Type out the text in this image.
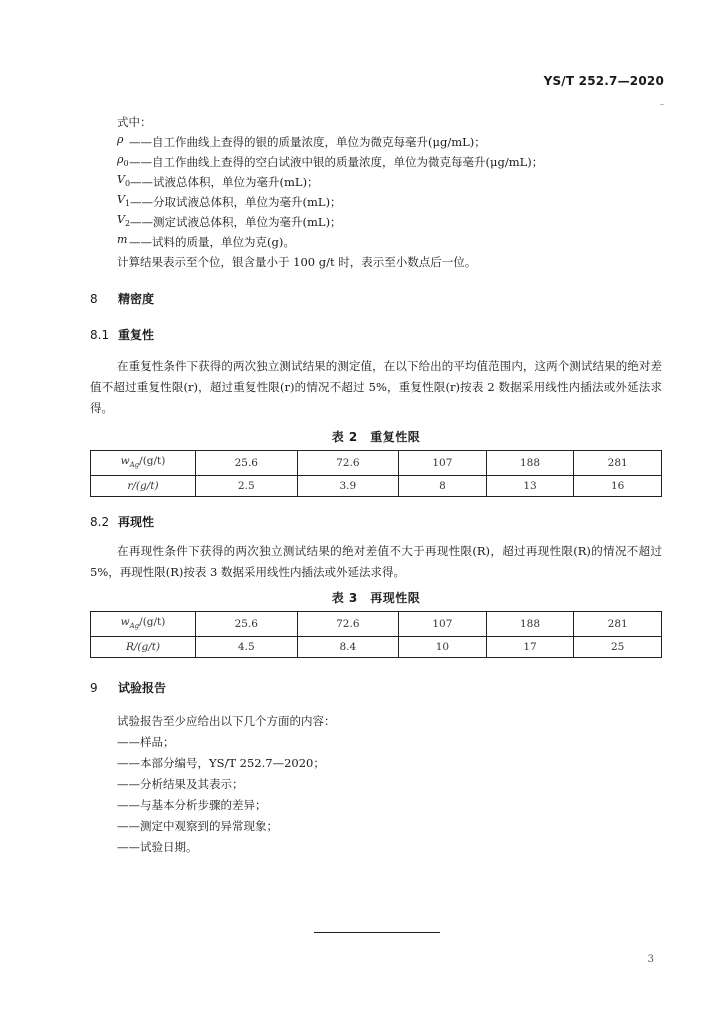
YS/T 252.7—2020
式中：
ρ ——自工作曲线上查得的银的质量浓度，单位为微克每毫升(μg/mL)；
$\rho_0$ ——自工作曲线上查得的空白试液中银的质量浓度，单位为微克每毫升(μg/mL)；
$V_0$ ——试液总体积，单位为毫升(mL)；
$V_1$ ——分取试液总体积，单位为毫升(mL)；
$V_2$ ——测定试液总体积，单位为毫升(mL)；
m ——试料的质量，单位为克(g)。
计算结果表示至个位，银含量小于 100 g/t 时，表示至小数点后一位。
8 精密度
8.1 重复性
在重复性条件下获得的两次独立测试结果的测定值，在以下给出的平均值范围内，这两个测试结果的绝对差值不超过重复性限(r)，超过重复性限(r)的情况不超过 5%，重复性限(r)按表 2 数据采用线性内插法或外延法求得。
表 2　重复性限
$w_{Ag}/(g/t)$	25.6	72.6	107	188	281
r/(g/t)	2.5	3.9	8	13	16
8.2 再现性
在再现性条件下获得的两次独立测试结果的绝对差值不大于再现性限(R)，超过再现性限(R)的情况不超过 5%，再现性限(R)按表 3 数据采用线性内插法或外延法求得。
表 3　再现性限
$w_{Ag}/(g/t)$	25.6	72.6	107	188	281
R/(g/t)	4.5	8.4	10	17	25
9 试验报告
试验报告至少应给出以下几个方面的内容：
——样品；
——本部分编号，YS/T 252.7—2020；
——分析结果及其表示；
——与基本分析步骤的差异；
——测定中观察到的异常现象；
——试验日期。
3
